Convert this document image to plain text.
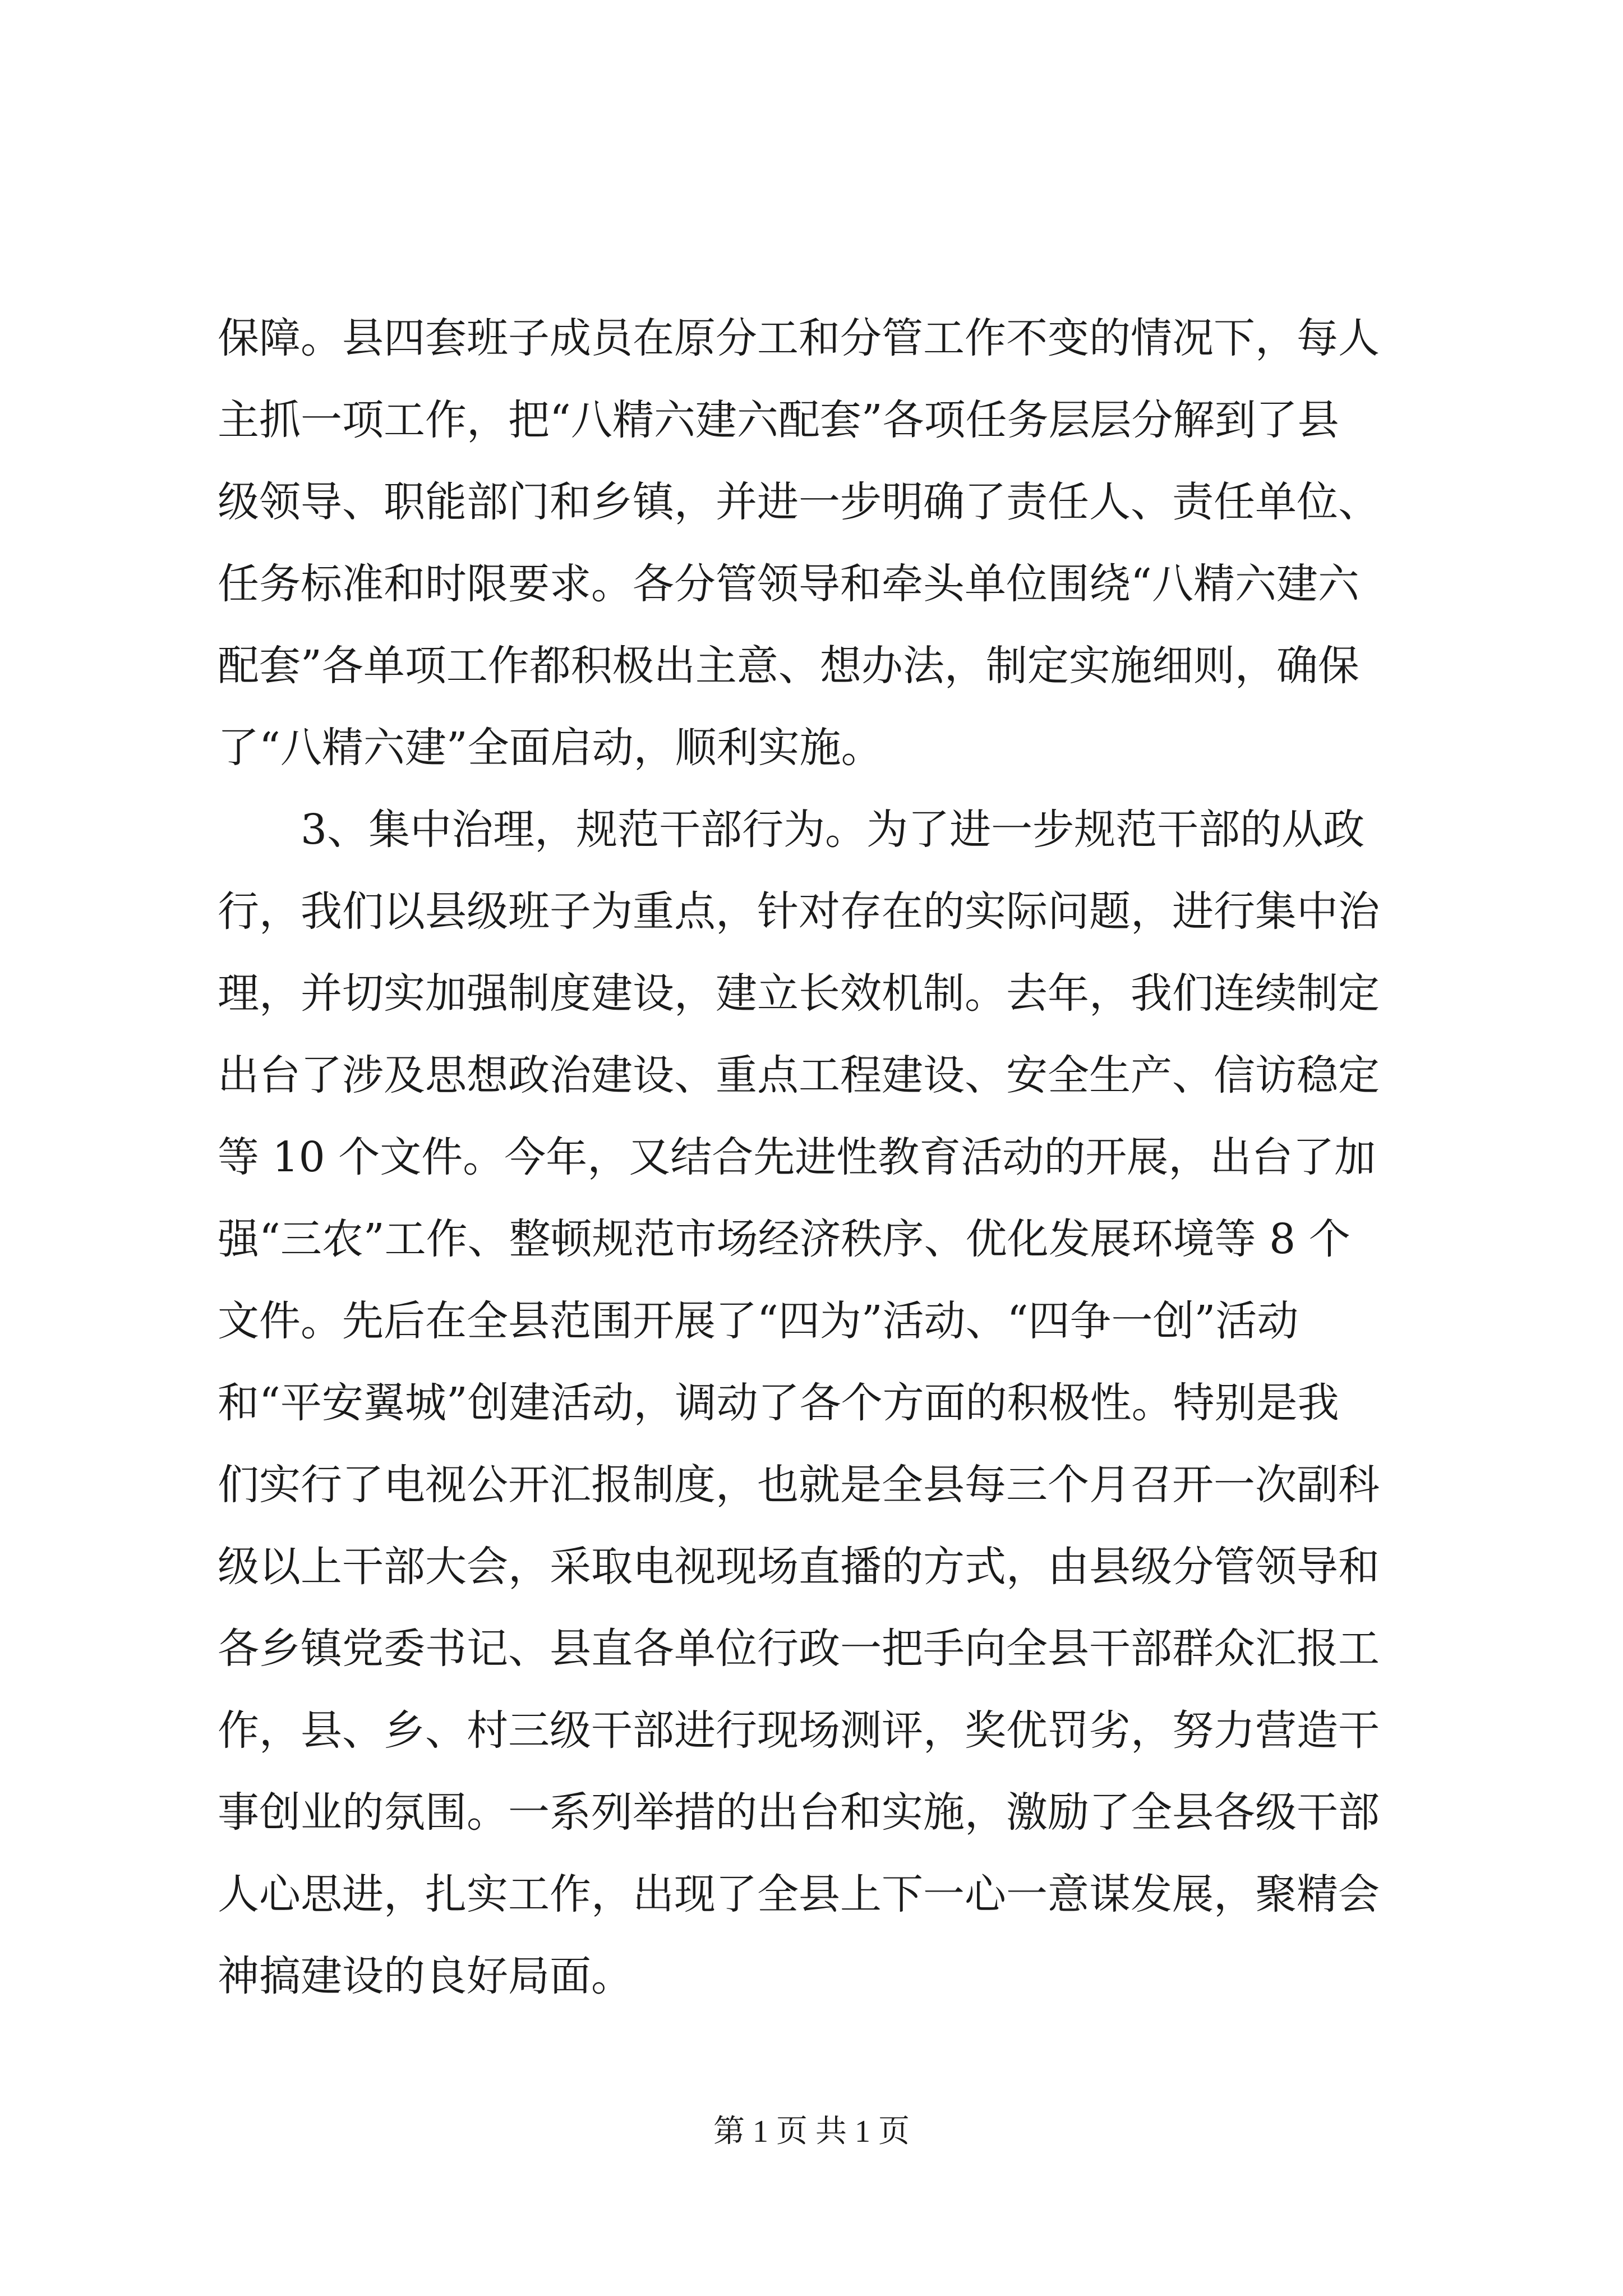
保障。县四套班子成员在原分工和分管工作不变的情况下，每人
主抓一项工作，把“八精六建六配套”各项任务层层分解到了县
级领导、职能部门和乡镇，并进一步明确了责任人、责任单位、
任务标准和时限要求。各分管领导和牵头单位围绕“八精六建六
配套”各单项工作都积极出主意、想办法，制定实施细则，确保
了“八精六建”全面启动，顺利实施。
　　3、集中治理，规范干部行为。为了进一步规范干部的从政
行，我们以县级班子为重点，针对存在的实际问题，进行集中治
理，并切实加强制度建设，建立长效机制。去年，我们连续制定
出台了涉及思想政治建设、重点工程建设、安全生产、信访稳定
等 10 个文件。今年，又结合先进性教育活动的开展，出台了加
强“三农”工作、整顿规范市场经济秩序、优化发展环境等 8 个
文件。先后在全县范围开展了“四为”活动、“四争一创”活动
和“平安翼城”创建活动，调动了各个方面的积极性。特别是我
们实行了电视公开汇报制度，也就是全县每三个月召开一次副科
级以上干部大会，采取电视现场直播的方式，由县级分管领导和
各乡镇党委书记、县直各单位行政一把手向全县干部群众汇报工
作，县、乡、村三级干部进行现场测评，奖优罚劣，努力营造干
事创业的氛围。一系列举措的出台和实施，激励了全县各级干部
人心思进，扎实工作，出现了全县上下一心一意谋发展，聚精会
神搞建设的良好局面。
第 1 页 共 1 页
